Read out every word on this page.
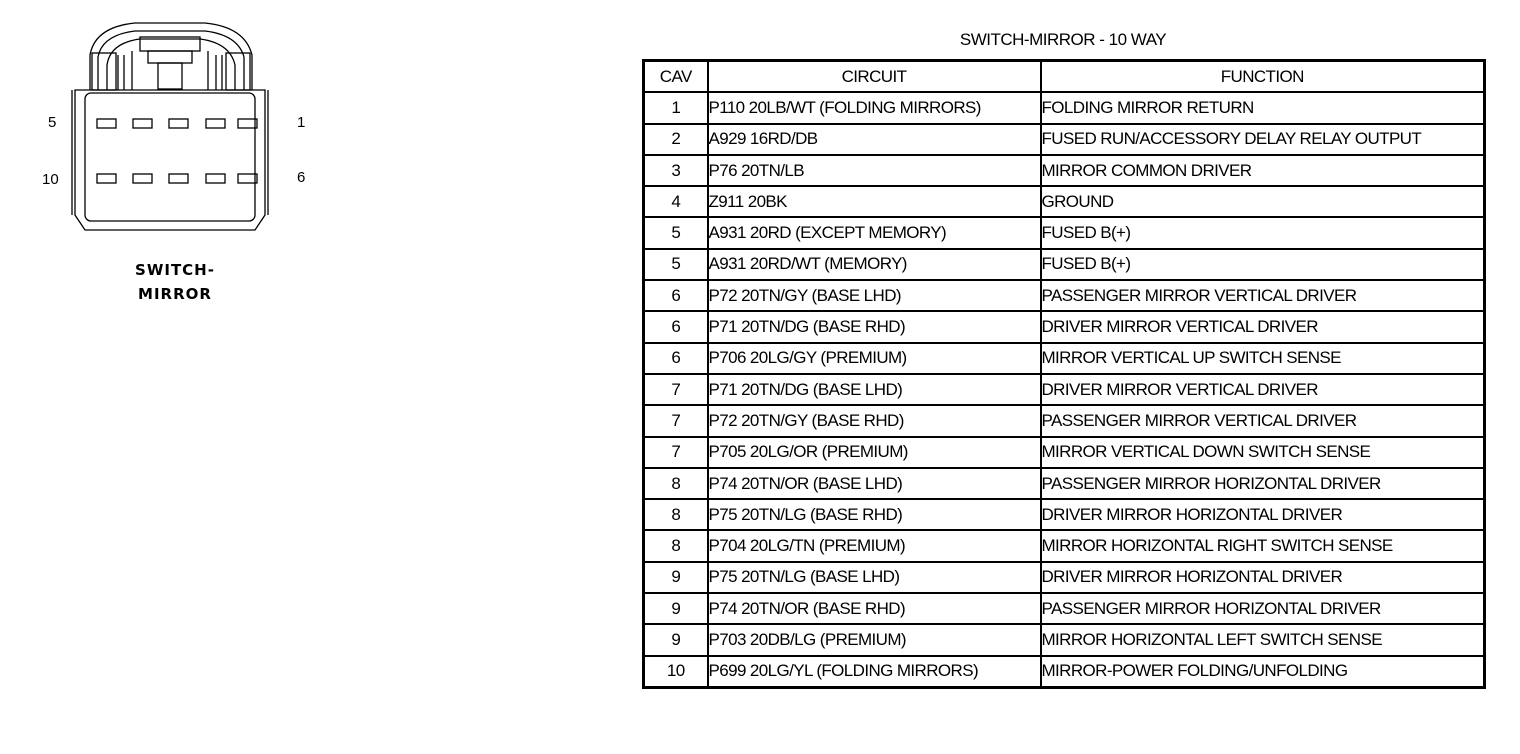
5	1
10	6
SWITCH-
MIRROR
SWITCH-MIRROR - 10 WAY
CAV	CIRCUIT	FUNCTION
1	P110 20LB/WT (FOLDING MIRRORS)	FOLDING MIRROR RETURN
2	A929 16RD/DB	FUSED RUN/ACCESSORY DELAY RELAY OUTPUT
3	P76 20TN/LB	MIRROR COMMON DRIVER
4	Z911 20BK	GROUND
5	A931 20RD (EXCEPT MEMORY)	FUSED B(+)
5	A931 20RD/WT (MEMORY)	FUSED B(+)
6	P72 20TN/GY (BASE LHD)	PASSENGER MIRROR VERTICAL DRIVER
6	P71 20TN/DG (BASE RHD)	DRIVER MIRROR VERTICAL DRIVER
6	P706 20LG/GY (PREMIUM)	MIRROR VERTICAL UP SWITCH SENSE
7	P71 20TN/DG (BASE LHD)	DRIVER MIRROR VERTICAL DRIVER
7	P72 20TN/GY (BASE RHD)	PASSENGER MIRROR VERTICAL DRIVER
7	P705 20LG/OR (PREMIUM)	MIRROR VERTICAL DOWN SWITCH SENSE
8	P74 20TN/OR (BASE LHD)	PASSENGER MIRROR HORIZONTAL DRIVER
8	P75 20TN/LG (BASE RHD)	DRIVER MIRROR HORIZONTAL DRIVER
8	P704 20LG/TN (PREMIUM)	MIRROR HORIZONTAL RIGHT SWITCH SENSE
9	P75 20TN/LG (BASE LHD)	DRIVER MIRROR HORIZONTAL DRIVER
9	P74 20TN/OR (BASE RHD)	PASSENGER MIRROR HORIZONTAL DRIVER
9	P703 20DB/LG (PREMIUM)	MIRROR HORIZONTAL LEFT SWITCH SENSE
10	P699 20LG/YL (FOLDING MIRRORS)	MIRROR-POWER FOLDING/UNFOLDING
